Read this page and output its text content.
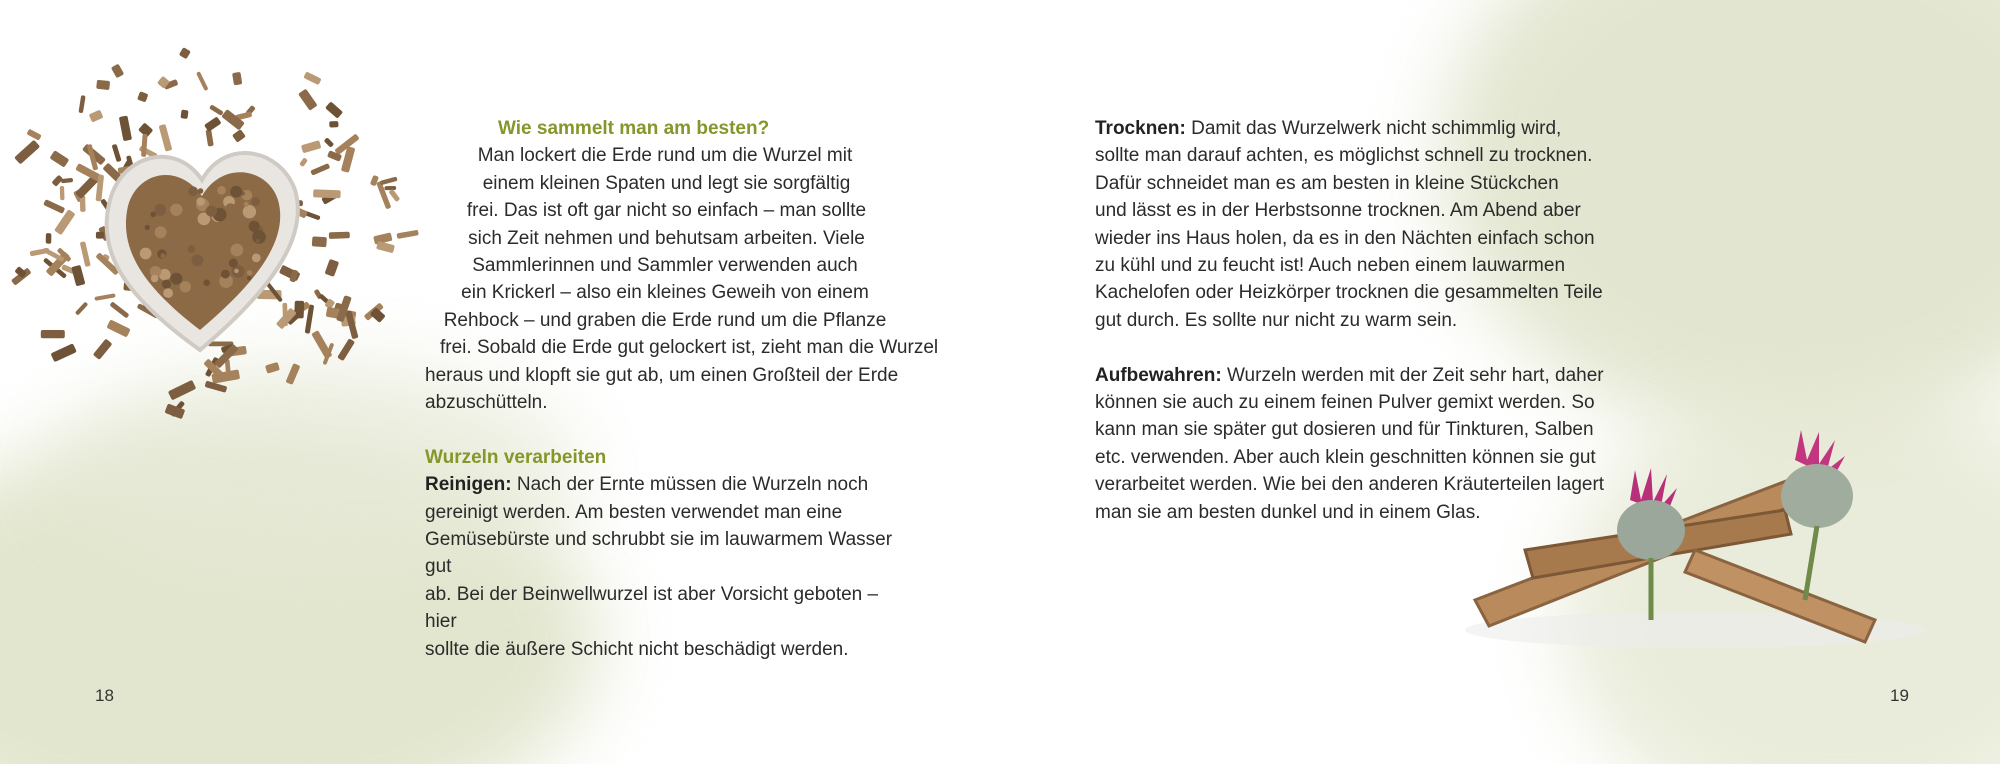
Wie sammelt man am besten?
Man lockert die Erde rund um die Wurzel mit
einem kleinen Spaten und legt sie sorgfältig
frei. Das ist oft gar nicht so einfach – man sollte
sich Zeit nehmen und behutsam arbeiten. Viele
Sammlerinnen und Sammler verwenden auch
ein Krickerl – also ein kleines Geweih von einem
Rehbock – und graben die Erde rund um die Pflanze
frei. Sobald die Erde gut gelockert ist, zieht man die Wurzel
heraus und klopft sie gut ab, um einen Großteil der Erde
abzuschütteln.
Wurzeln verarbeiten

Reinigen: Nach der Ernte müssen die Wurzeln noch
gereinigt werden. Am besten verwendet man eine
Gemüsebürste und schrubbt sie im lauwarmem Wasser gut
ab. Bei der Beinwellwurzel ist aber Vorsicht geboten – hier
sollte die äußere Schicht nicht beschädigt werden.

Trocknen: Damit das Wurzelwerk nicht schimmlig wird,
sollte man darauf achten, es möglichst schnell zu trocknen.
Dafür schneidet man es am besten in kleine Stückchen
und lässt es in der Herbstsonne trocknen. Am Abend aber
wieder ins Haus holen, da es in den Nächten einfach schon
zu kühl und zu feucht ist! Auch neben einem lauwarmen
Kachelofen oder Heizkörper trocknen die gesammelten Teile
gut durch. Es sollte nur nicht zu warm sein.

Aufbewahren: Wurzeln werden mit der Zeit sehr hart, daher
können sie auch zu einem feinen Pulver gemixt werden. So
kann man sie später gut dosieren und für Tinkturen, Salben
etc. verwenden. Aber auch klein geschnitten können sie gut
verarbeitet werden. Wie bei den anderen Kräuterteilen lagert
man sie am besten dunkel und in einem Glas.

18	19
